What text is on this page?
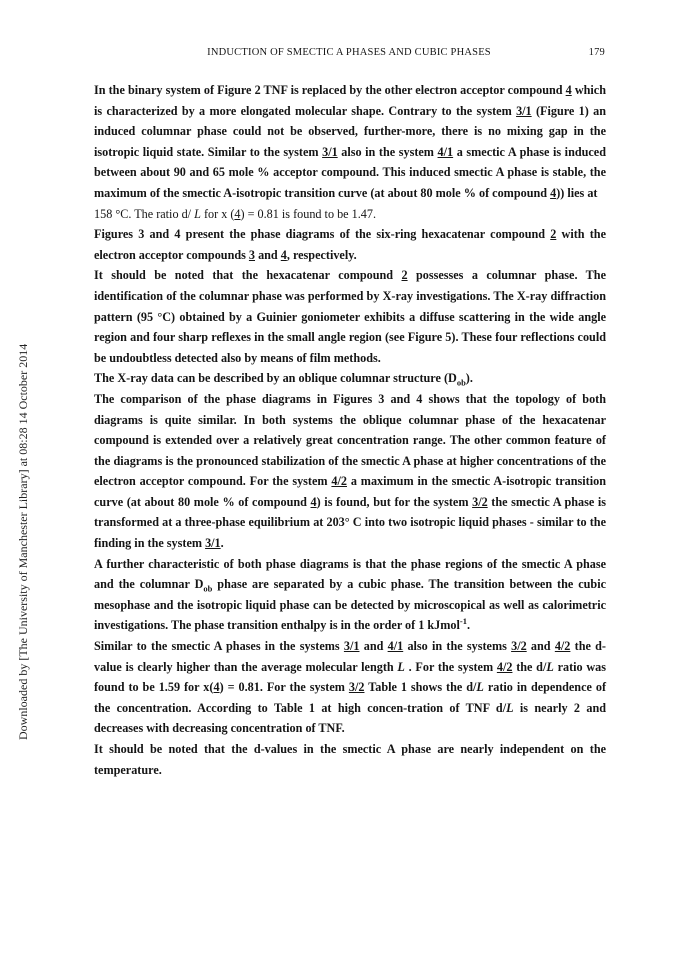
INDUCTION OF SMECTIC A PHASES AND CUBIC PHASES	179
Downloaded by [The University of Manchester Library] at 08:28 14 October 2014

In the binary system of Figure 2 TNF is replaced by the other electron acceptor compound 4 which is characterized by a more elongated molecular shape. Contrary to the system 3/1 (Figure 1) an induced columnar phase could not be observed, further-more, there is no mixing gap in the isotropic liquid state. Similar to the system 3/1 also in the system 4/1 a smectic A phase is induced between about 90 and 65 mole % acceptor compound. This induced smectic A phase is stable, the maximum of the smectic A-isotropic transition curve (at about 80 mole % of compound 4)) lies at

158 °C. The ratio d/ L for x (4) = 0.81 is found to be 1.47.

Figures 3 and 4 present the phase diagrams of the six-ring hexacatenar compound 2 with the electron acceptor compounds 3 and 4, respectively.

It should be noted that the hexacatenar compound 2 possesses a columnar phase. The identification of the columnar phase was performed by X-ray investigations. The X-ray diffraction pattern (95 °C) obtained by a Guinier goniometer exhibits a diffuse scattering in the wide angle region and four sharp reflexes in the small angle region (see Figure 5). These four reflections could be undoubtless detected also by means of film methods.

The X-ray data can be described by an oblique columnar structure $(D_{ob})$.

The comparison of the phase diagrams in Figures 3 and 4 shows that the topology of both diagrams is quite similar. In both systems the oblique columnar phase of the hexacatenar compound is extended over a relatively great concentration range. The other common feature of the diagrams is the pronounced stabilization of the smectic A phase at higher concentrations of the electron acceptor compound. For the system 4/2 a maximum in the smectic A-isotropic transition curve (at about 80 mole % of compound 4) is found, but for the system 3/2 the smectic A phase is transformed at a three-phase equilibrium at 203° C into two isotropic liquid phases - similar to the finding in the system 3/1.

A further characteristic of both phase diagrams is that the phase regions of the smectic A phase and the columnar $D_{ob}$ phase are separated by a cubic phase. The transition between the cubic mesophase and the isotropic liquid phase can be detected by microscopical as well as calorimetric investigations. The phase transition enthalpy is in the order of 1 kJmol$^{-1}$.

Similar to the smectic A phases in the systems 3/1 and 4/1 also in the systems 3/2 and 4/2 the d-value is clearly higher than the average molecular length L . For the system 4/2 the d/L ratio was found to be 1.59 for x(4) = 0.81. For the system 3/2 Table 1 shows the d/L ratio in dependence of the concentration. According to Table 1 at high concen-tration of TNF d/L is nearly 2 and decreases with decreasing concentration of TNF.

It should be noted that the d-values in the smectic A phase are nearly independent on the temperature.
